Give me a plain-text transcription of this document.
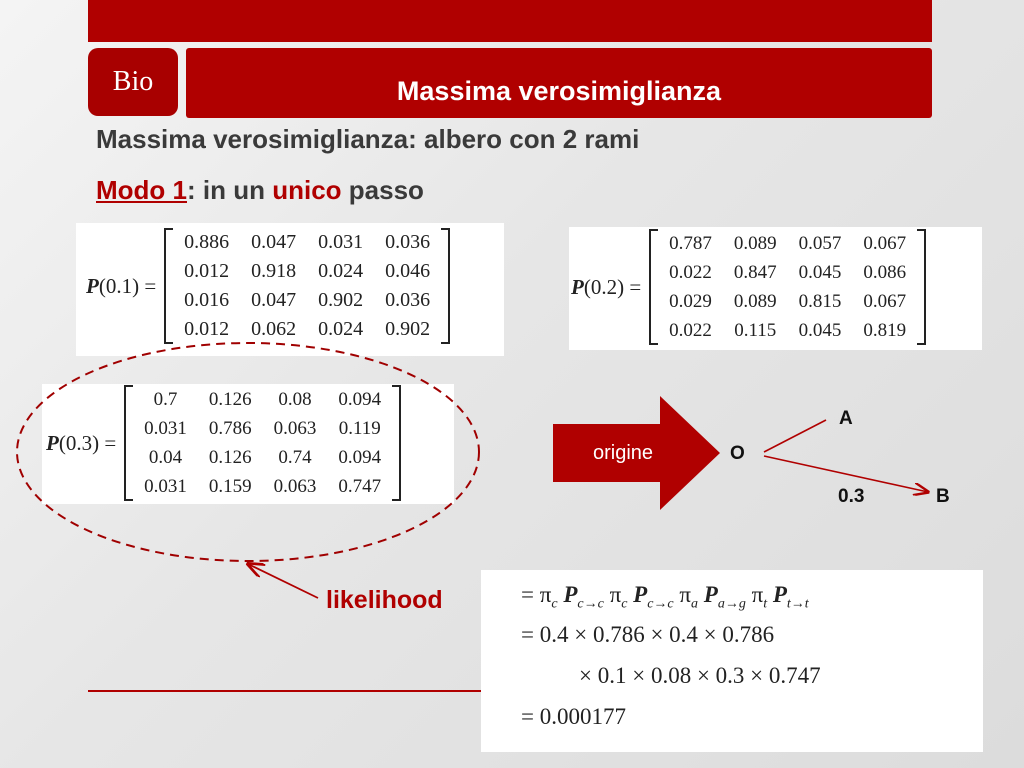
Bio	Massima verosimiglianza
Massima verosimiglianza: albero con 2 rami
Modo 1: in un unico passo
P(0.1) =
0.886	0.047	0.031	0.036
0.012	0.918	0.024	0.046
0.016	0.047	0.902	0.036
0.012	0.062	0.024	0.902
P(0.2) =
0.787	0.089	0.057	0.067
0.022	0.847	0.045	0.086
0.029	0.089	0.815	0.067
0.022	0.115	0.045	0.819
P(0.3) =
0.7	0.126	0.08	0.094
0.031	0.786	0.063	0.119
0.04	0.126	0.74	0.094
0.031	0.159	0.063	0.747
origine	O
A
B
0.3
likelihood	= $\pi_c$ $P_{c\to c}$ $\pi_c$ $P_{c\to c}$ $\pi_a$ $P_{a\to g}$ $\pi_t$ $P_{t\to t}$
= 0.4 × 0.786 × 0.4 × 0.786
× 0.1 × 0.08 × 0.3 × 0.747
= 0.000177
